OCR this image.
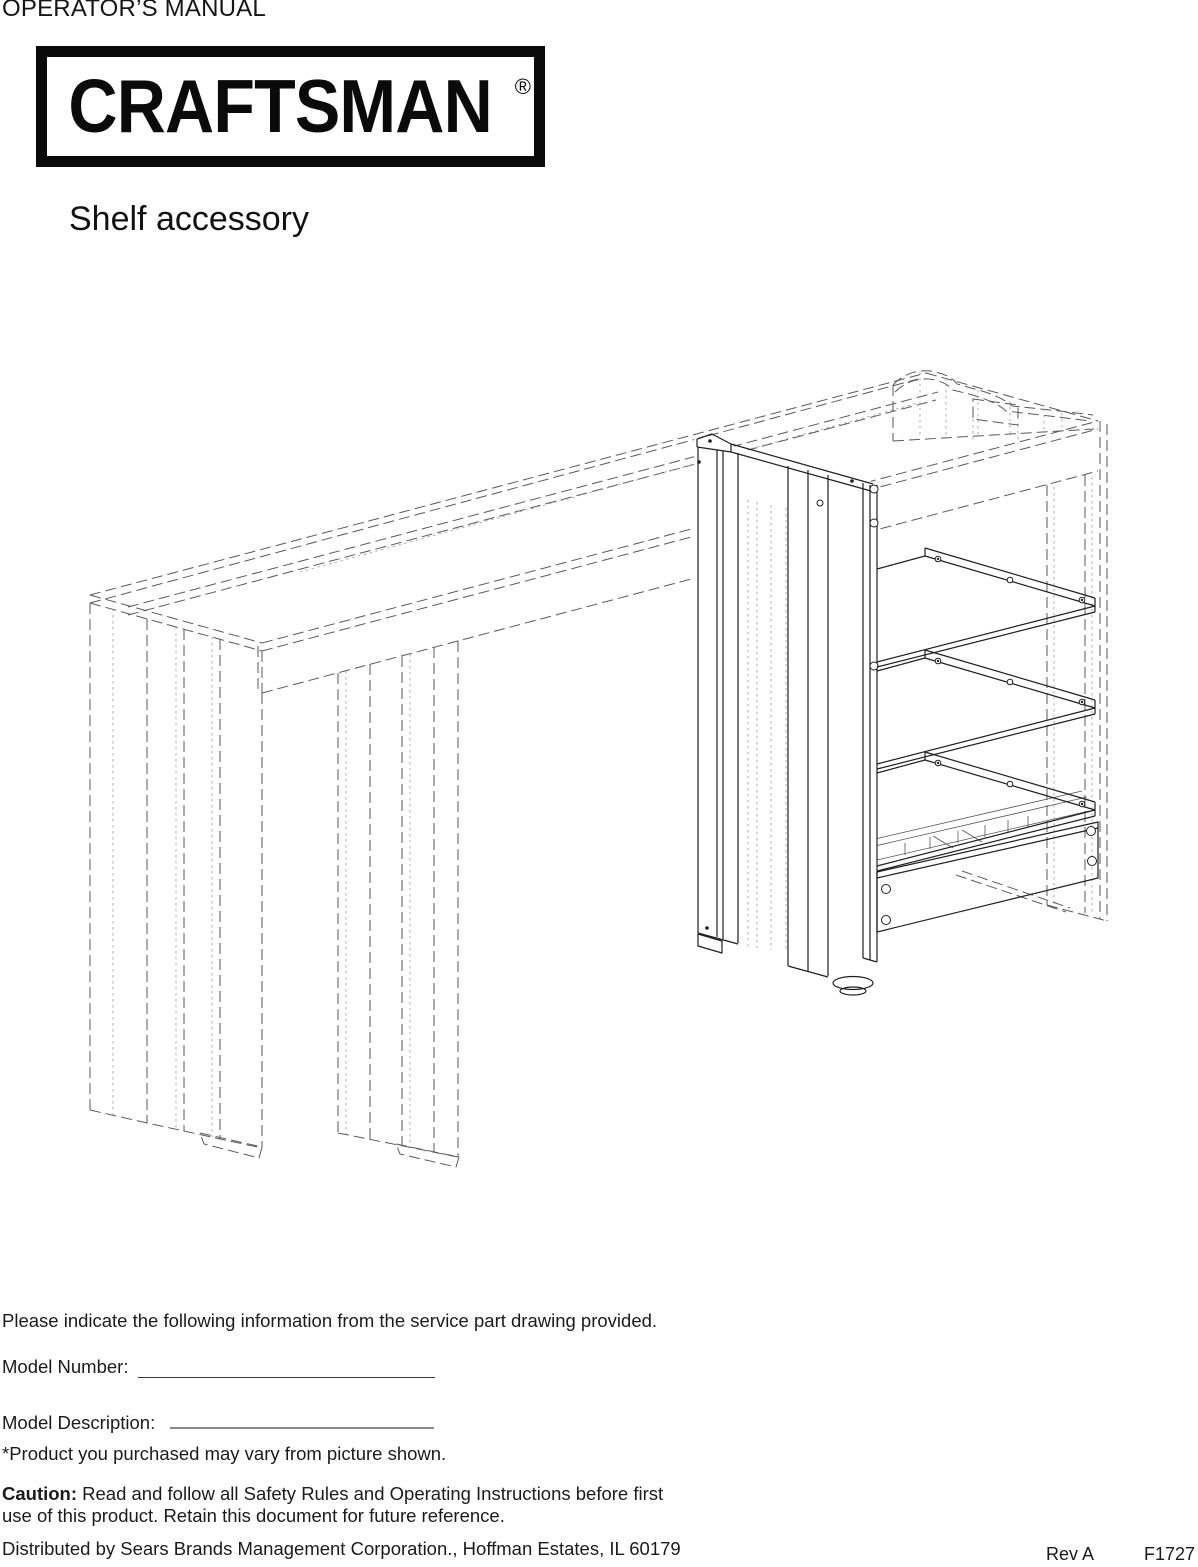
OPERATOR’S MANUAL
CRAFTSMAN ®
Shelf accessory
Please indicate the following information from the service part drawing provided.
Model Number:
Model Description:
*Product you purchased may vary from picture shown.
Caution: Read and follow all Safety Rules and Operating Instructions before first
use of this product. Retain this document for future reference.
Distributed by Sears Brands Management Corporation., Hoffman Estates, IL 60179	Rev A	F1727
